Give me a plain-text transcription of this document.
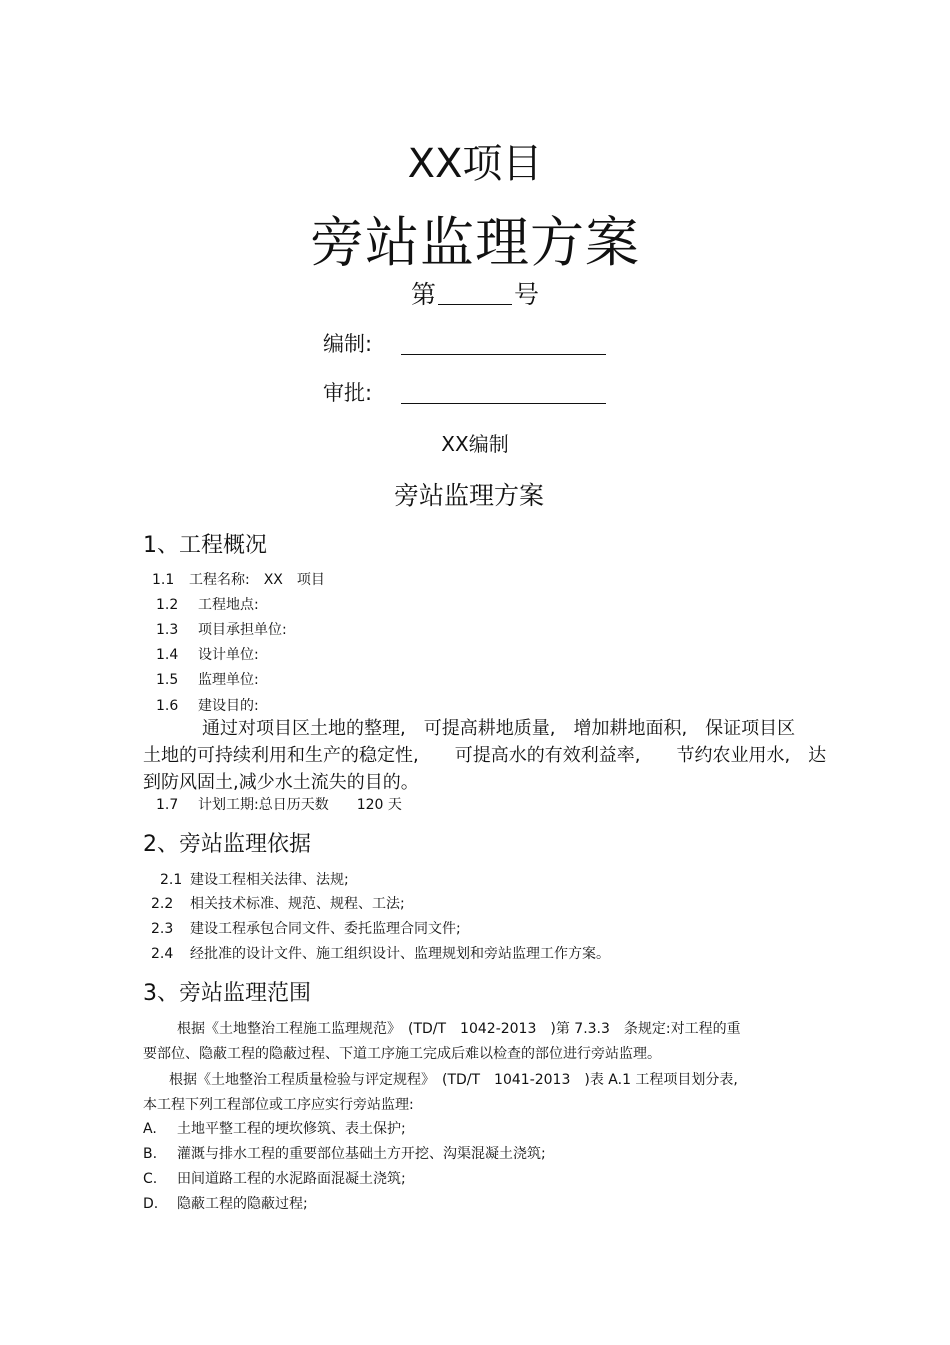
XX项目
旁站监理方案
第	号
编制:
审批:
XX编制
旁站监理方案
1、工程概况
1.1 工程名称:　XX　项目
1.2 工程地点:
1.3 项目承担单位:
1.4 设计单位:
1.5 监理单位:
1.6 建设目的:
通过对项目区土地的整理,　可提高耕地质量,　增加耕地面积,　保证项目区
土地的可持续利用和生产的稳定性,　　可提高水的有效利益率,　　节约农业用水,　达
到防风固土,减少水土流失的目的。
1.7 计划工期:总日历天数　　120 天
2、旁站监理依据
2.1 建设工程相关法律、法规;
2.2 相关技术标准、规范、规程、工法;
2.3 建设工程承包合同文件、委托监理合同文件;
2.4 经批准的设计文件、施工组织设计、监理规划和旁站监理工作方案。
3、旁站监理范围
根据《土地整治工程施工监理规范》　(TD/T　1042-2013　)第 7.3.3　条规定:对工程的重
要部位、隐蔽工程的隐蔽过程、下道工序施工完成后难以检查的部位进行旁站监理。
根据《土地整治工程质量检验与评定规程》　(TD/T　1041-2013　)表 A.1 工程项目划分表,
本工程下列工程部位或工序应实行旁站监理:
A. 土地平整工程的埂坎修筑、表土保护;
B. 灌溉与排水工程的重要部位基础土方开挖、沟渠混凝土浇筑;
C. 田间道路工程的水泥路面混凝土浇筑;
D. 隐蔽工程的隐蔽过程;
